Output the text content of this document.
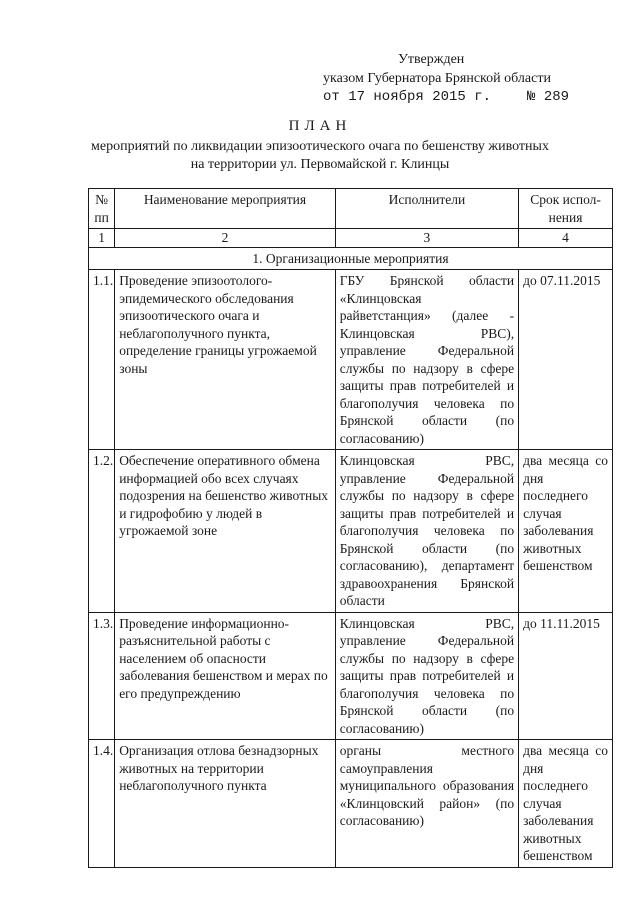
Утвержден
указом Губернатора Брянской области
от 17 ноября 2015 г.	№ 289
ПЛАН
мероприятий по ликвидации эпизоотического очага по бешенству животных
на территории ул. Первомайской г. Клинцы
№ пп	Наименование мероприятия	Исполнители	Срок испол-нения
1	2	3	4
1. Организационные мероприятия			
1.1.	Проведение эпизоотолого-эпидемического обследования эпизоотического очага и неблагополучного пункта, определение границы угрожаемой зоны	ГБУ Брянской области «Клинцовская райветстанция» (далее - Клинцовская РВС), управление Федеральной службы по надзору в сфере защиты прав потребителей и благополучия человека по Брянской области (по согласованию)	до 07.11.2015
1.2.	Обеспечение оперативного обмена информацией обо всех случаях подозрения на бешенство животных и гидрофобию у людей в угрожаемой зоне	Клинцовская РВС, управление Федеральной службы по надзору в сфере защиты прав потребителей и благополучия человека по Брянской области (по согласованию), департамент здравоохранения Брянской области	два месяца со дня последнего случая заболевания животных бешенством
1.3.	Проведение информационно-разъяснительной работы с населением об опасности заболевания бешенством и мерах по его предупреждению	Клинцовская РВС, управление Федеральной службы по надзору в сфере защиты прав потребителей и благополучия человека по Брянской области (по согласованию)	до 11.11.2015
1.4.	Организация отлова безнадзорных животных на территории неблагополучного пункта	органы местного самоуправления муниципального образования «Клинцовский район» (по согласованию)	два месяца со дня последнего случая заболевания животных бешенством
